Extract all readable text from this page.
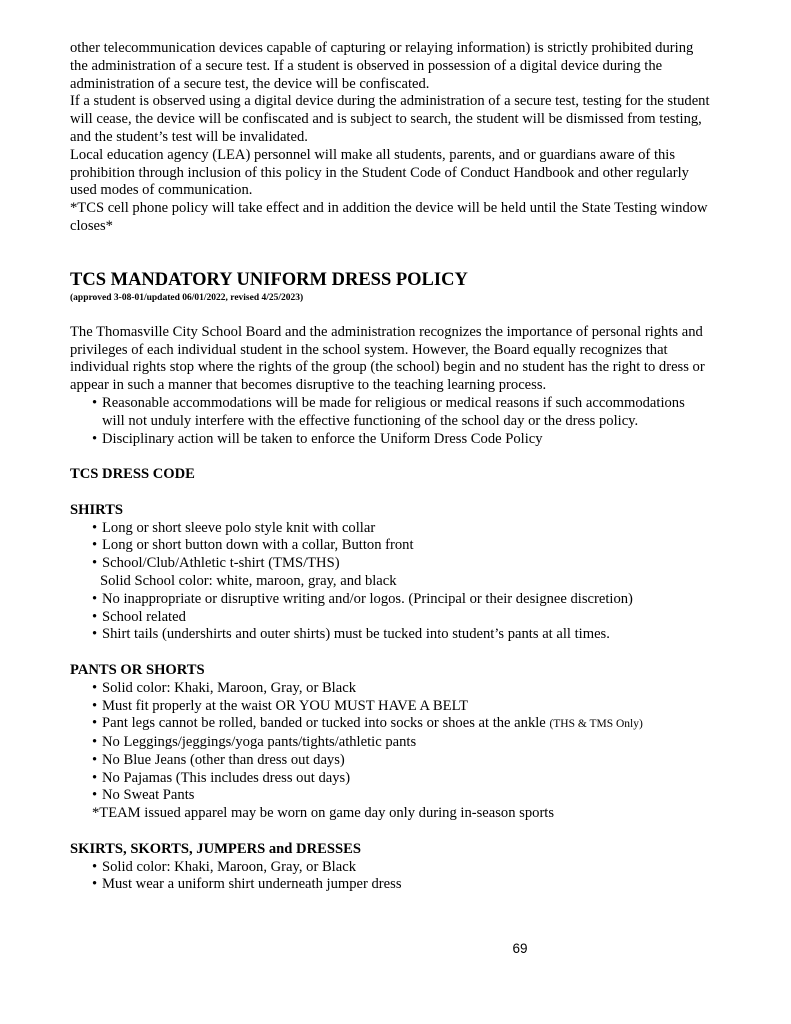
other telecommunication devices capable of capturing or relaying information) is strictly prohibited during the administration of a secure test. If a student is observed in possession of a digital device during the administration of a secure test, the device will be confiscated.

If a student is observed using a digital device during the administration of a secure test, testing for the student will cease, the device will be confiscated and is subject to search, the student will be dismissed from testing, and the student’s test will be invalidated.

Local education agency (LEA) personnel will make all students, parents, and or guardians aware of this prohibition through inclusion of this policy in the Student Code of Conduct Handbook and other regularly used modes of communication.

*TCS cell phone policy will take effect and in addition the device will be held until the State Testing window closes*

TCS MANDATORY UNIFORM DRESS POLICY

(approved 3-08-01/updated 06/01/2022, revised 4/25/2023)

The Thomasville City School Board and the administration recognizes the importance of personal rights and privileges of each individual student in the school system. However, the Board equally recognizes that individual rights stop where the rights of the group (the school) begin and no student has the right to dress or appear in such a manner that becomes disruptive to the teaching learning process.

• Reasonable accommodations will be made for religious or medical reasons if such accommodations will not unduly interfere with the effective functioning of the school day or the dress policy.
• Disciplinary action will be taken to enforce the Uniform Dress Code Policy

TCS DRESS CODE

SHIRTS

• Long or short sleeve polo style knit with collar
• Long or short button down with a collar, Button front
• School/Club/Athletic t-shirt (TMS/THS)

Solid School color: white, maroon, gray, and black

• No inappropriate or disruptive writing and/or logos. (Principal or their designee discretion)
• School related
• Shirt tails (undershirts and outer shirts) must be tucked into student’s pants at all times.

PANTS OR SHORTS

• Solid color: Khaki, Maroon, Gray, or Black
• Must fit properly at the waist OR YOU MUST HAVE A BELT
• Pant legs cannot be rolled, banded or tucked into socks or shoes at the ankle (THS & TMS Only)
• No Leggings/jeggings/yoga pants/tights/athletic pants
• No Blue Jeans (other than dress out days)
• No Pajamas (This includes dress out days)
• No Sweat Pants

*TEAM issued apparel may be worn on game day only during in-season sports

SKIRTS, SKORTS, JUMPERS and DRESSES

• Solid color: Khaki, Maroon, Gray, or Black
• Must wear a uniform shirt underneath jumper dress
69
